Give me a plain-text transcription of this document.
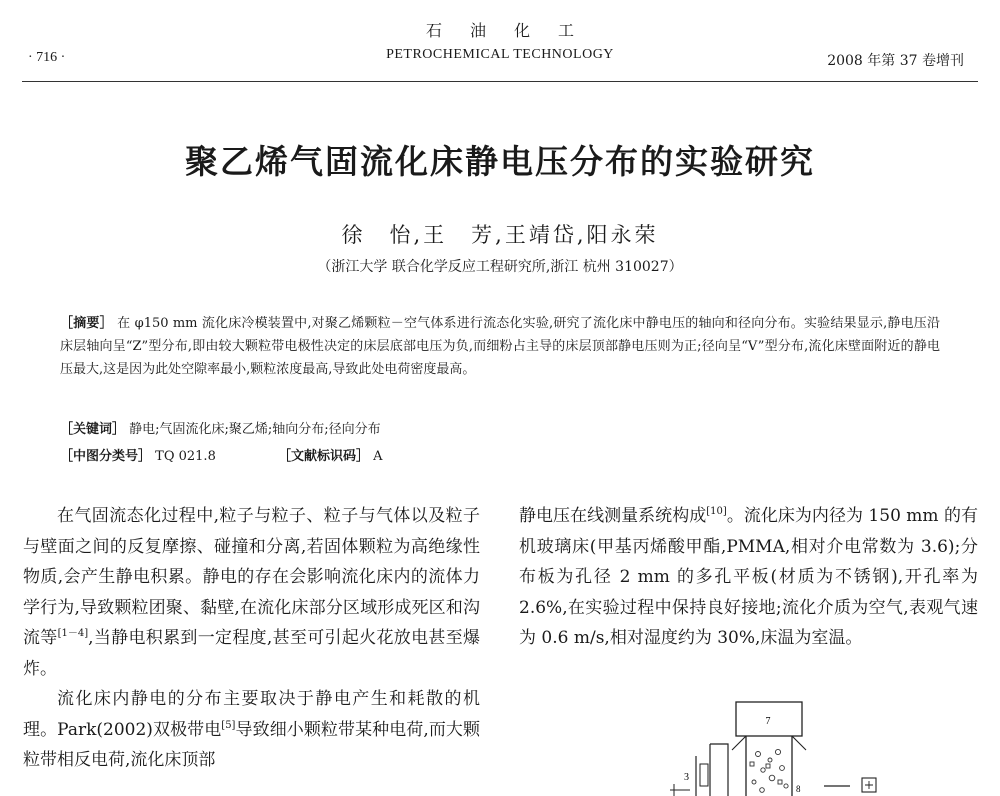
石油化工
PETROCHEMICAL TECHNOLOGY
· 716 ·	2008 年第 37 卷增刊
聚乙烯气固流化床静电压分布的实验研究
徐　怡,王　芳,王靖岱,阳永荣
（浙江大学 联合化学反应工程研究所,浙江 杭州 310027）
［摘要］ 在 φ150 mm 流化床冷模装置中,对聚乙烯颗粒－空气体系进行流态化实验,研究了流化床中静电压的轴向和径向分布。实验结果显示,静电压沿床层轴向呈“Z”型分布,即由较大颗粒带电极性决定的床层底部电压为负,而细粉占主导的床层顶部静电压则为正;径向呈“V”型分布,流化床壁面附近的静电压最大,这是因为此处空隙率最小,颗粒浓度最高,导致此处电荷密度最高。
［关键词］ 静电;气固流化床;聚乙烯;轴向分布;径向分布
［中图分类号］ TQ 021.8	［文献标识码］ A

在气固流态化过程中,粒子与粒子、粒子与气体以及粒子与壁面之间的反复摩擦、碰撞和分离,若固体颗粒为高绝缘性物质,会产生静电积累。静电的存在会影响流化床内的流体力学行为,导致颗粒团聚、黏壁,在流化床部分区域形成死区和沟流等[1－4],当静电积累到一定程度,甚至可引起火花放电甚至爆炸。

流化床内静电的分布主要取决于静电产生和耗散的机理。Park(2002)双极带电[5]导致细小颗粒带某种电荷,而大颗粒带相反电荷,流化床顶部

静电压在线测量系统构成[10]。流化床为内径为 150 mm 的有机玻璃床(甲基丙烯酸甲酯,PMMA,相对介电常数为 3.6);分布板为孔径 2 mm 的多孔平板(材质为不锈钢),开孔率为 2.6%,在实验过程中保持良好接地;流化介质为空气,表观气速为 0.6 m/s,相对湿度约为 30%,床温为室温。

7
3
8
